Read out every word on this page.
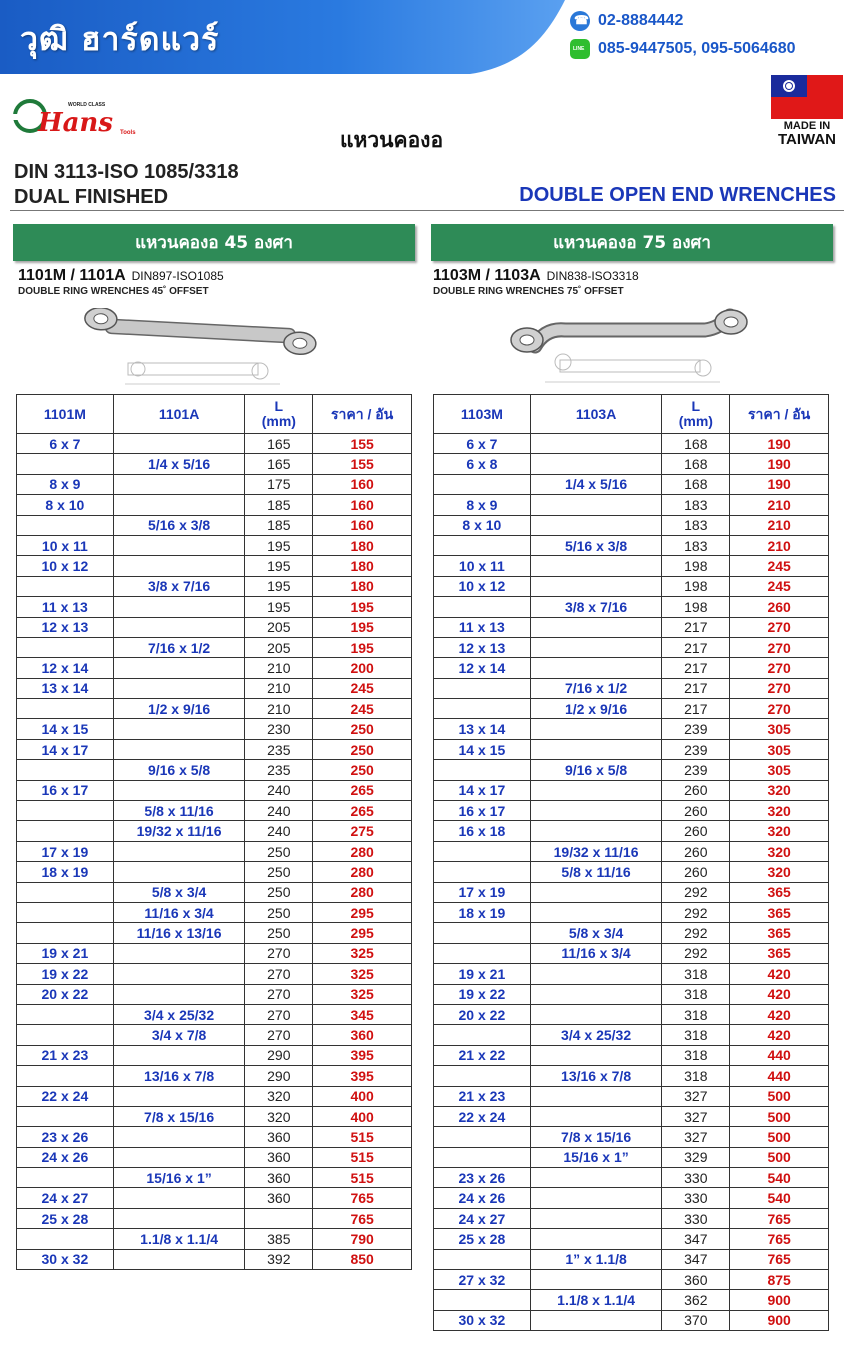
วุฒิ ฮาร์ดแวร์ ☎	02-8884442
LINE085-9447505, 095-5064680
WORLD CLASS
Hans Tools	แหวนคองอ
MADE IN
TAIWAN
DIN 3113-ISO 1085/3318
DUAL FINISHED	DOUBLE OPEN END WRENCHES
แหวนคองอ 45 องศา
1101M / 1101A DIN897-ISO1085
DOUBLE RING WRENCHES 45˚ OFFSET
1101M	1101A	L
(mm)	ราคา / อัน
6 x 7		165	155
	1/4 x 5/16	165	155
8 x 9		175	160
8 x 10		185	160
	5/16 x 3/8	185	160
10 x 11		195	180
10 x 12		195	180
	3/8 x 7/16	195	180
11 x 13		195	195
12 x 13		205	195
	7/16 x 1/2	205	195
12 x 14		210	200
13 x 14		210	245
	1/2 x 9/16	210	245
14 x 15		230	250
14 x 17		235	250
	9/16 x 5/8	235	250
16 x 17		240	265
	5/8 x 11/16	240	265
	19/32 x 11/16	240	275
17 x 19		250	280
18 x 19		250	280
	5/8 x 3/4	250	280
	11/16 x 3/4	250	295
	11/16 x 13/16	250	295
19 x 21		270	325
19 x 22		270	325
20 x 22		270	325
	3/4 x 25/32	270	345
	3/4 x 7/8	270	360
21 x 23		290	395
	13/16 x 7/8	290	395
22 x 24		320	400
	7/8 x 15/16	320	400
23 x 26		360	515
24 x 26		360	515
	15/16 x 1”	360	515
24 x 27		360	765
25 x 28			765
	1.1/8 x 1.1/4	385	790
30 x 32		392	850
แหวนคองอ 75 องศา
1103M / 1103A DIN838-ISO3318
DOUBLE RING WRENCHES 75˚ OFFSET
1103M	1103A	L
(mm)	ราคา / อัน
6 x 7		168	190
6 x 8		168	190
	1/4 x 5/16	168	190
8 x 9		183	210
8 x 10		183	210
	5/16 x 3/8	183	210
10 x 11		198	245
10 x 12		198	245
	3/8 x 7/16	198	260
11 x 13		217	270
12 x 13		217	270
12 x 14		217	270
	7/16 x 1/2	217	270
	1/2 x 9/16	217	270
13 x 14		239	305
14 x 15		239	305
	9/16 x 5/8	239	305
14 x 17		260	320
16 x 17		260	320
16 x 18		260	320
	19/32 x 11/16	260	320
	5/8 x 11/16	260	320
17 x 19		292	365
18 x 19		292	365
	5/8 x 3/4	292	365
	11/16 x 3/4	292	365
19 x 21		318	420
19 x 22		318	420
20 x 22		318	420
	3/4 x 25/32	318	420
21 x 22		318	440
	13/16 x 7/8	318	440
21 x 23		327	500
22 x 24		327	500
	7/8 x 15/16	327	500
	15/16 x 1”	329	500
23 x 26		330	540
24 x 26		330	540
24 x 27		330	765
25 x 28		347	765
	1” x 1.1/8	347	765
27 x 32		360	875
	1.1/8 x 1.1/4	362	900
30 x 32		370	900
